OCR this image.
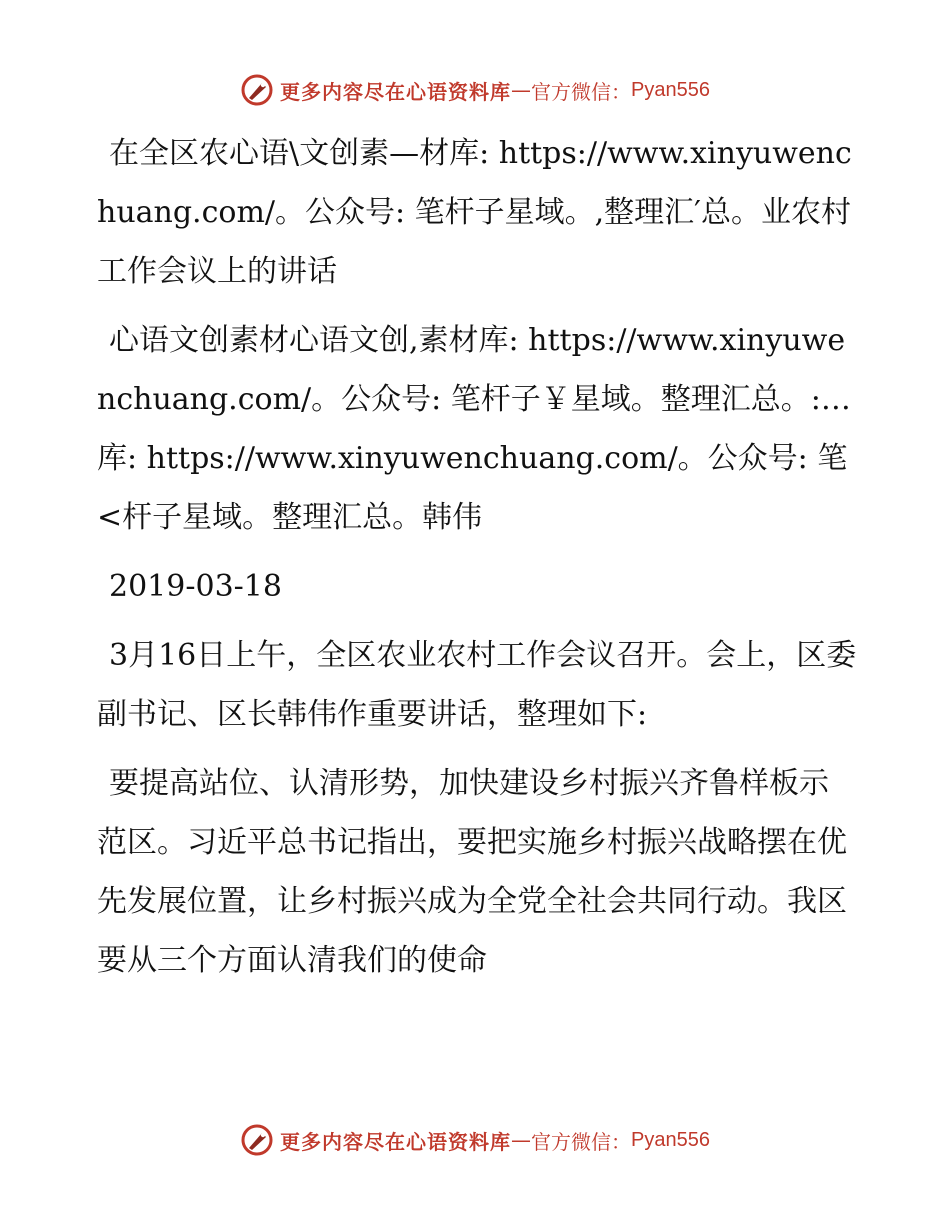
更多内容尽在心语资料库 — 官方微信： Pyan556

在全区农心语\文创素—材库: https://www.xinyuwenchuang.com/。公众号: 笔杆子星域。,整理汇′总。业农村工作会议上的讲话

心语文创素材心语文创,素材库: https://www.xinyuwenchuang.com/。公众号: 笔杆子￥星域。整理汇总。:…库: https://www.xinyuwenchuang.com/。公众号: 笔<杆子星域。整理汇总。韩伟

2019-03-18

3月16日上午，全区农业农村工作会议召开。会上，区委副书记、区长韩伟作重要讲话，整理如下:

要提高站位、认清形势，加快建设乡村振兴齐鲁样板示范区。习近平总书记指出，要把实施乡村振兴战略摆在优先发展位置，让乡村振兴成为全党全社会共同行动。我区要从三个方面认清我们的使命

更多内容尽在心语资料库 — 官方微信： Pyan556
